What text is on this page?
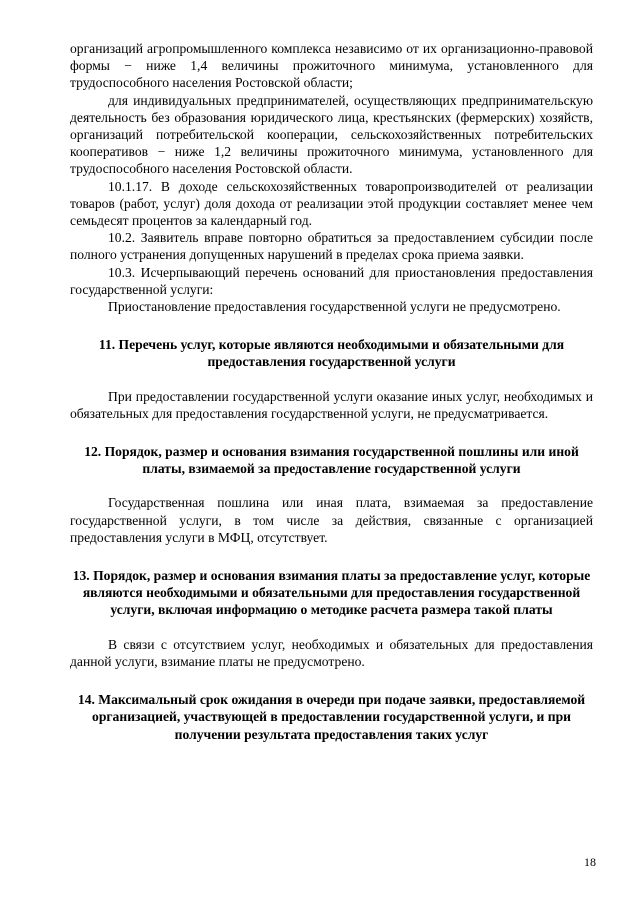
организаций агропромышленного комплекса независимо от их организационно-правовой формы − ниже 1,4 величины прожиточного минимума, установленного для трудоспособного населения Ростовской области;

для индивидуальных предпринимателей, осуществляющих предпринимательскую деятельность без образования юридического лица, крестьянских (фермерских) хозяйств, организаций потребительской кооперации, сельскохозяйственных потребительских кооперативов − ниже 1,2 величины прожиточного минимума, установленного для трудоспособного населения Ростовской области.

10.1.17. В доходе сельскохозяйственных товаропроизводителей от реализации товаров (работ, услуг) доля дохода от реализации этой продукции составляет менее чем семьдесят процентов за календарный год.

10.2. Заявитель вправе повторно обратиться за предоставлением субсидии после полного устранения допущенных нарушений в пределах срока приема заявки.

10.3. Исчерпывающий перечень оснований для приостановления предоставления государственной услуги:

Приостановление предоставления государственной услуги не предусмотрено.

11. Перечень услуг, которые являются необходимыми и обязательными для предоставления государственной услуги

При предоставлении государственной услуги оказание иных услуг, необходимых и обязательных для предоставления государственной услуги, не предусматривается.

12. Порядок, размер и основания взимания государственной пошлины или иной платы, взимаемой за предоставление государственной услуги

Государственная пошлина или иная плата, взимаемая за предоставление государственной услуги, в том числе за действия, связанные с организацией предоставления услуги в МФЦ, отсутствует.

13. Порядок, размер и основания взимания платы за предоставление услуг, которые являются необходимыми и обязательными для предоставления государственной услуги, включая информацию о методике расчета размера такой платы

В связи с отсутствием услуг, необходимых и обязательных для предоставления данной услуги, взимание платы не предусмотрено.

14. Максимальный срок ожидания в очереди при подаче заявки, предоставляемой организацией, участвующей в предоставлении государственной услуги, и при получении результата предоставления таких услуг
18
